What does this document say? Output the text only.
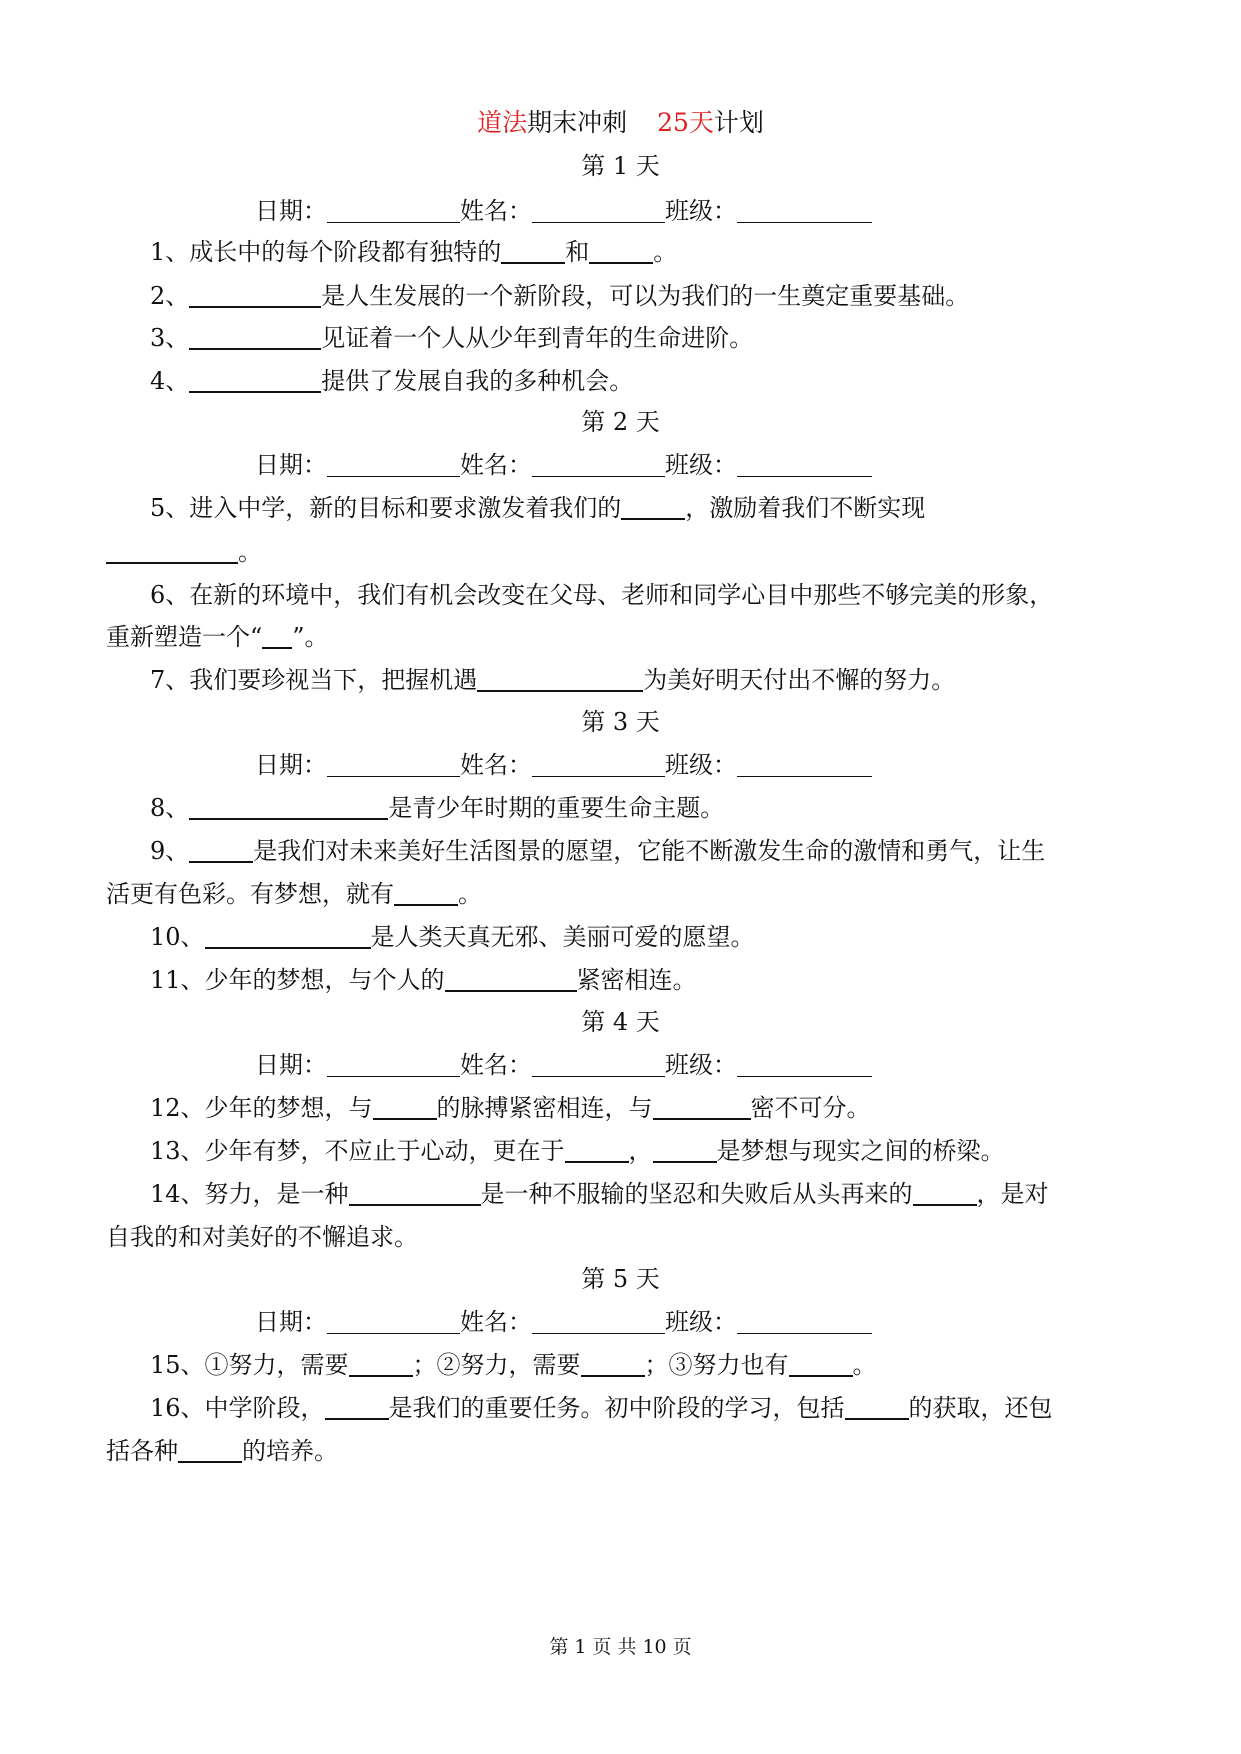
道法期末冲刺 25天计划
第 1 天
日期：	姓名：	班级：
1、成长中的每个阶段都有独特的	和	。
2、	是人生发展的一个新阶段，可以为我们的一生奠定重要基础。
3、	见证着一个人从少年到青年的生命进阶。
4、	提供了发展自我的多种机会。
第 2 天
日期：	姓名：	班级：
5、进入中学，新的目标和要求激发着我们的	，激励着我们不断实现
。
6、在新的环境中，我们有机会改变在父母、老师和同学心目中那些不够完美的形象，
重新塑造一个“ ”。
7、我们要珍视当下，把握机遇	为美好明天付出不懈的努力。
第 3 天
日期：	姓名：	班级：
8、	是青少年时期的重要生命主题。
9、	是我们对未来美好生活图景的愿望，它能不断激发生命的激情和勇气，让生
活更有色彩。有梦想，就有	。
10、	是人类天真无邪、美丽可爱的愿望。
11、少年的梦想，与个人的	紧密相连。
第 4 天
日期：	姓名：	班级：
12、少年的梦想，与	的脉搏紧密相连，与	密不可分。
13、少年有梦，不应止于心动，更在于	，	是梦想与现实之间的桥梁。
14、努力，是一种	是一种不服输的坚忍和失败后从头再来的	，是对
自我的和对美好的不懈追求。
第 5 天
日期：	姓名：	班级：
15、①努力，需要	；②努力，需要	；③努力也有	。
16、中学阶段，	是我们的重要任务。初中阶段的学习，包括	的获取，还包
括各种	的培养。
第 1 页 共 10 页
